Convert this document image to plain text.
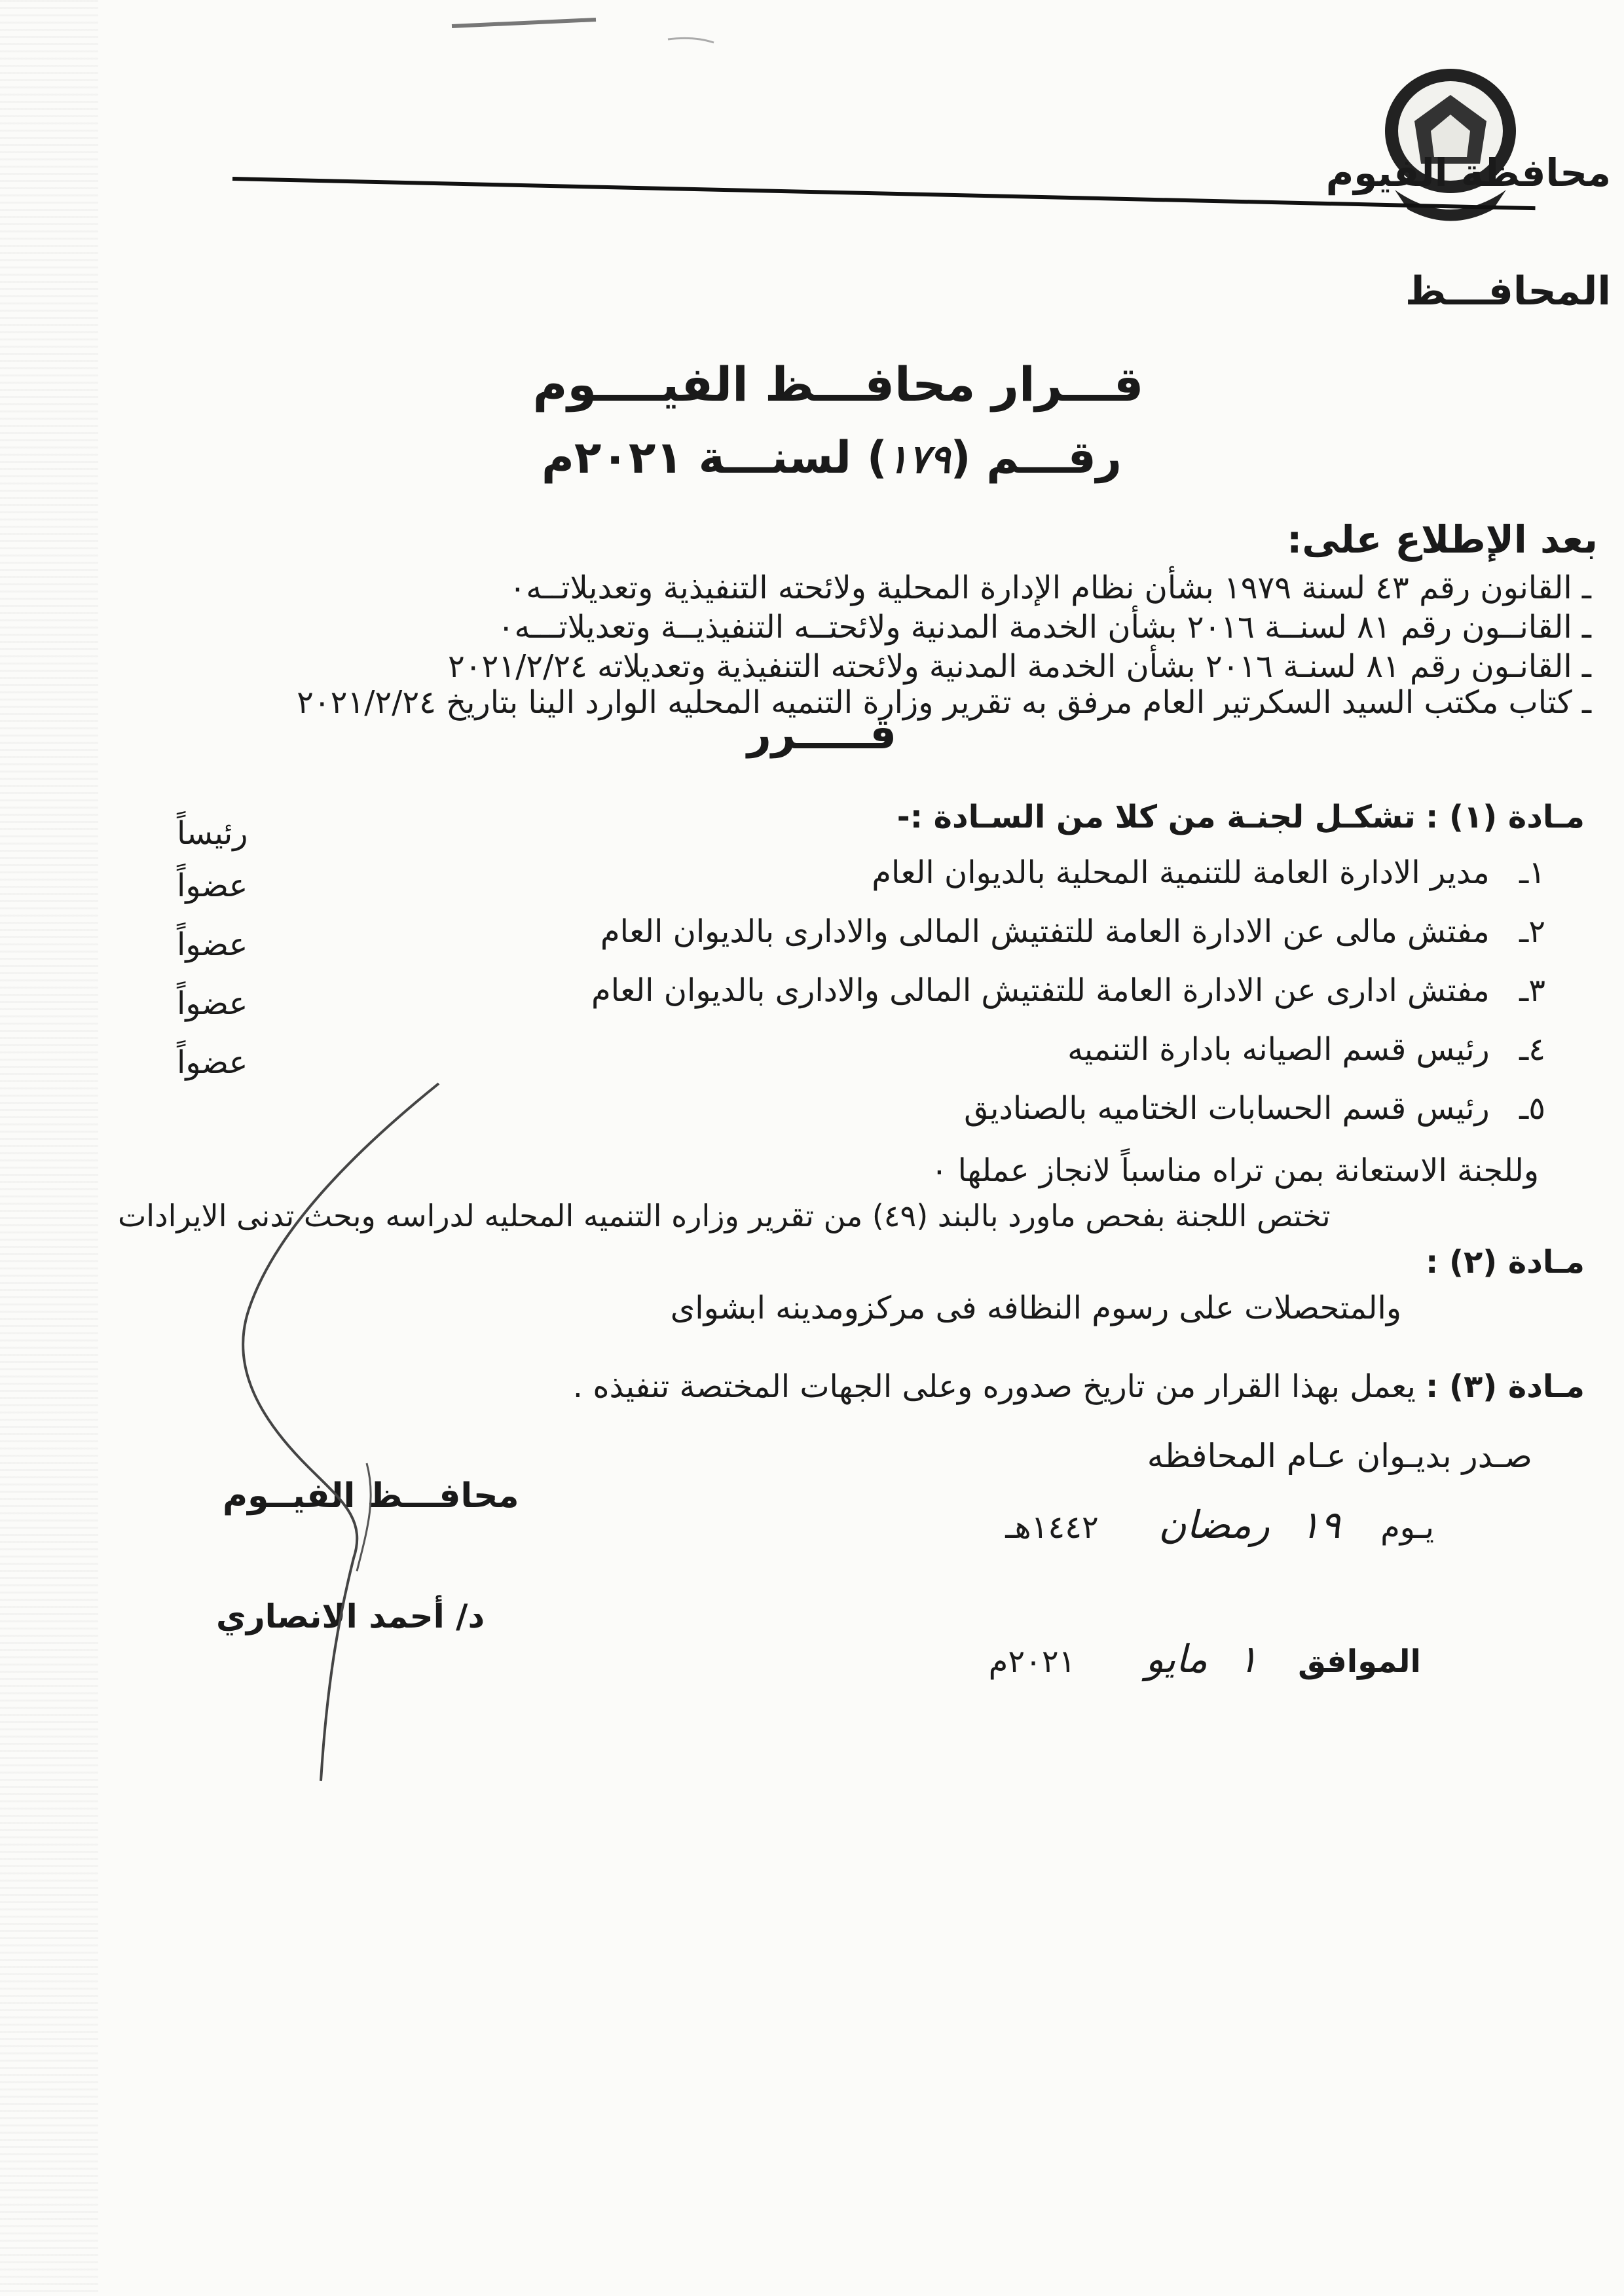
محافظة الفيوم
المحافـــظ
قـــرار محافـــظ الفيــــوم
رقـــم (١٧٩) لسنـــة ٢٠٢١م
بعد الإطلاع على:
ـ القانون رقم ٤٣ لسنة ١٩٧٩ بشأن نظام الإدارة المحلية ولائحته التنفيذية وتعديلاتــه٠
ـ القانــون رقم ٨١ لسنــة ٢٠١٦ بشأن الخدمة المدنية ولائحتــه التنفيذيــة وتعديلاتـــه٠
ـ القانـون رقم ٨١ لسنـة ٢٠١٦ بشأن الخدمة المدنية ولائحته التنفيذية وتعديلاته ٢٠٢١/٢/٢٤
ـ كتاب مكتب السيد السكرتير العام مرفق به تقرير وزارة التنميه المحليه الوارد الينا بتاريخ ٢٠٢١/٢/٢٤
قـــــرر
مـادة (١) : تشكـل لجنـة من كلا من السـادة :-
١ـ مدير الادارة العامة للتنمية المحلية بالديوان العام
رئيساً
٢ـ مفتش مالى عن الادارة العامة للتفتيش المالى والادارى بالديوان العام
عضواً
٣ـ مفتش ادارى عن الادارة العامة للتفتيش المالى والادارى بالديوان العام
عضواً
٤ـ رئيس قسم الصيانه بادارة التنميه
عضواً
٥ـ رئيس قسم الحسابات الختاميه بالصناديق
عضواً
وللجنة الاستعانة بمن تراه مناسباً لانجاز عملها ٠
مـادة (٢) :
تختص اللجنة بفحص ماورد بالبند (٤٩) من تقرير وزاره التنميه المحليه لدراسه وبحث تدنى الايرادات
والمتحصلات على رسوم النظافه فى مركزومدينه ابشواى
مـادة (٣) : يعمل بهذا القرار من تاريخ صدوره وعلى الجهات المختصة تنفيذه .
صـدر بديـوان عـام المحافظه
يـوم    ١٩   رمضان      ١٤٤٢هـ
الموافق    ١   مايو       ٢٠٢١م
محافـــظ الفيــوم
د/ أحمد الانصاري
